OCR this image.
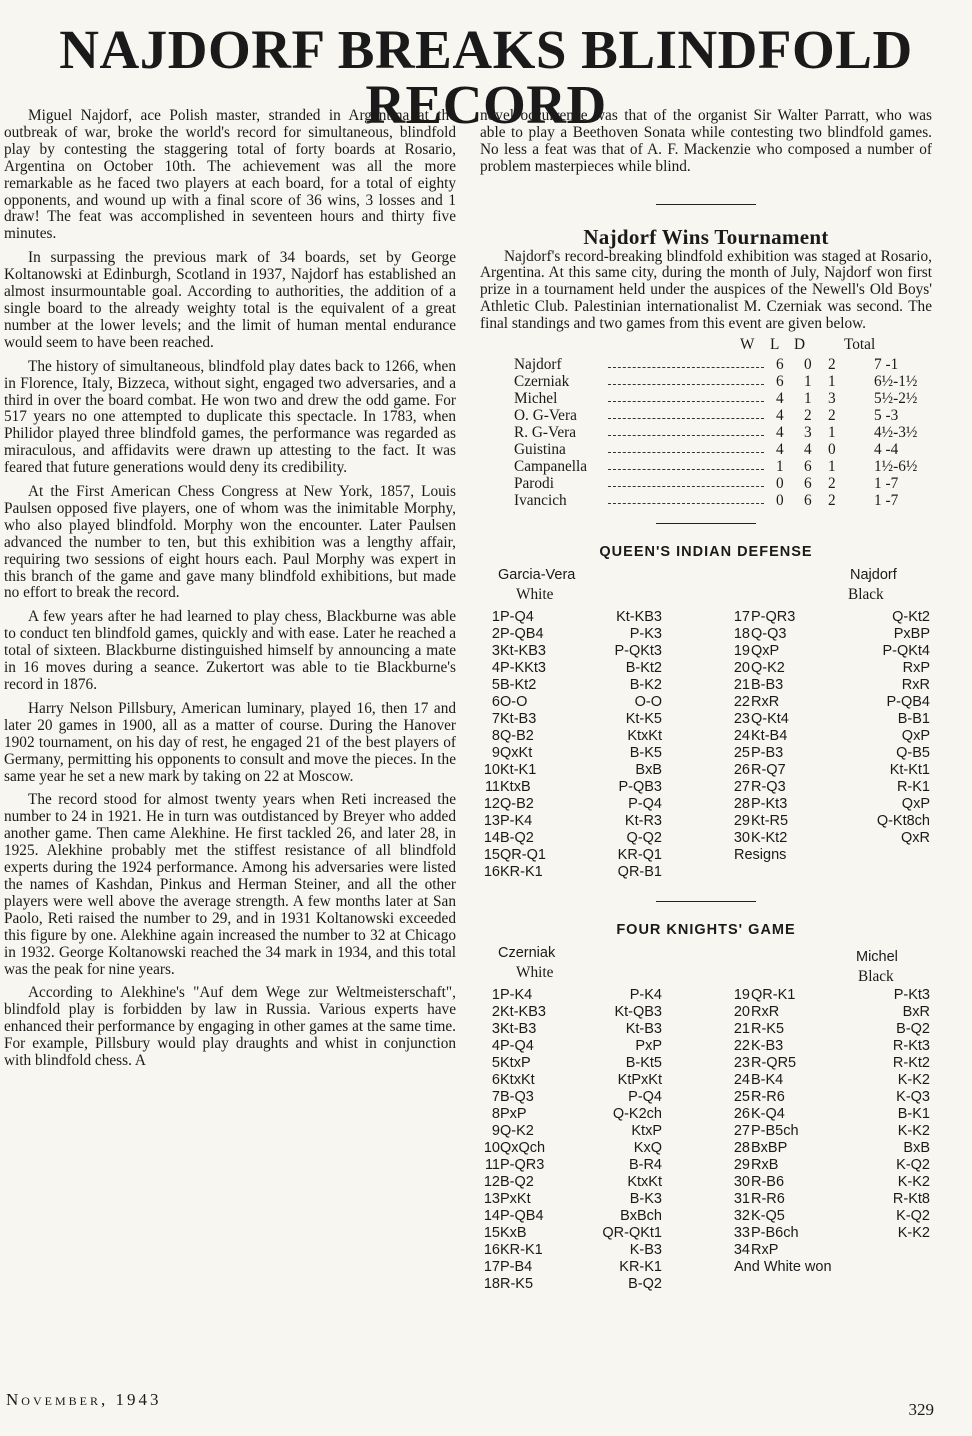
NAJDORF BREAKS BLINDFOLD RECORD

Miguel Najdorf, ace Polish master, stranded in Argentina at the outbreak of war, broke the world's record for simultaneous, blindfold play by contesting the staggering total of forty boards at Rosario, Argentina on October 10th. The achievement was all the more remarkable as he faced two players at each board, for a total of eighty opponents, and wound up with a final score of 36 wins, 3 losses and 1 draw! The feat was accomplished in seventeen hours and thirty five minutes.

In surpassing the previous mark of 34 boards, set by George Koltanowski at Edinburgh, Scotland in 1937, Najdorf has established an almost insurmountable goal. According to authorities, the addition of a single board to the already weighty total is the equivalent of a great number at the lower levels; and the limit of human mental endurance would seem to have been reached.

The history of simultaneous, blindfold play dates back to 1266, when in Florence, Italy, Bizzeca, without sight, engaged two adversaries, and a third in over the board combat. He won two and drew the odd game. For 517 years no one attempted to duplicate this spectacle. In 1783, when Philidor played three blindfold games, the performance was regarded as miraculous, and affidavits were drawn up attesting to the fact. It was feared that future generations would deny its credibility.

At the First American Chess Congress at New York, 1857, Louis Paulsen opposed five players, one of whom was the inimitable Morphy, who also played blindfold. Morphy won the encounter. Later Paulsen advanced the number to ten, but this exhibition was a lengthy affair, requiring two sessions of eight hours each. Paul Morphy was expert in this branch of the game and gave many blindfold exhibitions, but made no effort to break the record.

A few years after he had learned to play chess, Blackburne was able to conduct ten blindfold games, quickly and with ease. Later he reached a total of sixteen. Blackburne distinguished himself by announcing a mate in 16 moves during a seance. Zukertort was able to tie Blackburne's record in 1876.

Harry Nelson Pillsbury, American luminary, played 16, then 17 and later 20 games in 1900, all as a matter of course. During the Hanover 1902 tournament, on his day of rest, he engaged 21 of the best players of Germany, permitting his opponents to consult and move the pieces. In the same year he set a new mark by taking on 22 at Moscow.

The record stood for almost twenty years when Reti increased the number to 24 in 1921. He in turn was outdistanced by Breyer who added another game. Then came Alekhine. He first tackled 26, and later 28, in 1925. Alekhine probably met the stiffest resistance of all blindfold experts during the 1924 performance. Among his adversaries were listed the names of Kashdan, Pinkus and Herman Steiner, and all the other players were well above the average strength. A few months later at San Paolo, Reti raised the number to 29, and in 1931 Koltanowski exceeded this figure by one. Alekhine again increased the number to 32 at Chicago in 1932. George Koltanowski reached the 34 mark in 1934, and this total was the peak for nine years.

According to Alekhine's "Auf dem Wege zur Weltmeisterschaft", blindfold play is forbidden by law in Russia. Various experts have enhanced their performance by engaging in other games at the same time. For example, Pillsbury would play draughts and whist in conjunction with blindfold chess. A

novel occurrence was that of the organist Sir Walter Parratt, who was able to play a Beethoven Sonata while contesting two blindfold games. No less a feat was that of A. F. Mackenzie who composed a number of problem masterpieces while blind.

Najdorf Wins Tournament

Najdorf's record-breaking blindfold exhibition was staged at Rosario, Argentina. At this same city, during the month of July, Najdorf won first prize in a tournament held under the auspices of the Newell's Old Boys' Athletic Club. Palestinian internationalist M. Czerniak was second. The final standings and two games from this event are given below.

W L D	Total
Najdorf	6 0 2	7 -1
Czerniak	6 1 1	6½-1½
Michel	4 1 3	5½-2½
O. G-Vera	4 2 2	5 -3
R. G-Vera	4 3 1	4½-3½
Guistina	4 4 0	4 -4
Campanella	1 6 1	1½-6½
Parodi	0 6 2	1 -7
Ivancich	0 6 2	1 -7
QUEEN'S INDIAN DEFENSE
Garcia-Vera	Najdorf
White	Black
1 P-Q4	Kt-KB3	17 P-QR3	Q-Kt2
2 P-QB4	P-K3	18 Q-Q3	PxBP
3 Kt-KB3	P-QKt3	19 QxP	P-QKt4
4 P-KKt3	B-Kt2	20 Q-K2	RxP
5 B-Kt2	B-K2	21 B-B3	RxR
6 O-O	O-O	22 RxR	P-QB4
7 Kt-B3	Kt-K5	23 Q-Kt4	B-B1
8 Q-B2	KtxKt	24 Kt-B4	QxP
9 QxKt	B-K5	25 P-B3	Q-B5
10 Kt-K1	BxB	26 R-Q7	Kt-Kt1
11 KtxB	P-QB3	27 R-Q3	R-K1
12 Q-B2	P-Q4	28 P-Kt3	QxP
13 P-K4	Kt-R3	29 Kt-R5	Q-Kt8ch
14 B-Q2	Q-Q2	30 K-Kt2	QxR
15 QR-Q1	KR-Q1	Resigns
16 KR-K1	QR-B1
FOUR KNIGHTS' GAME
Czerniak	Michel
White	Black
1 P-K4	P-K4	19 QR-K1	P-Kt3
2 Kt-KB3	Kt-QB3	20 RxR	BxR
3 Kt-B3	Kt-B3	21 R-K5	B-Q2
4 P-Q4	PxP	22 K-B3	R-Kt3
5 KtxP	B-Kt5	23 R-QR5	R-Kt2
6 KtxKt	KtPxKt	24 B-K4	K-K2
7 B-Q3	P-Q4	25 R-R6	K-Q3
8 PxP	Q-K2ch	26 K-Q4	B-K1
9 Q-K2	KtxP	27 P-B5ch	K-K2
10 QxQch	KxQ	28 BxBP	BxB
11 P-QR3	B-R4	29 RxB	K-Q2
12 B-Q2	KtxKt	30 R-B6	K-K2
13 PxKt	B-K3	31 R-R6	R-Kt8
14 P-QB4	BxBch	32 K-Q5	K-Q2
15 KxB	QR-QKt1	33 P-B6ch	K-K2
16 KR-K1	K-B3	34 RxP
17 P-B4	KR-K1	And White won
18 R-K5	B-Q2
November, 1943
329
